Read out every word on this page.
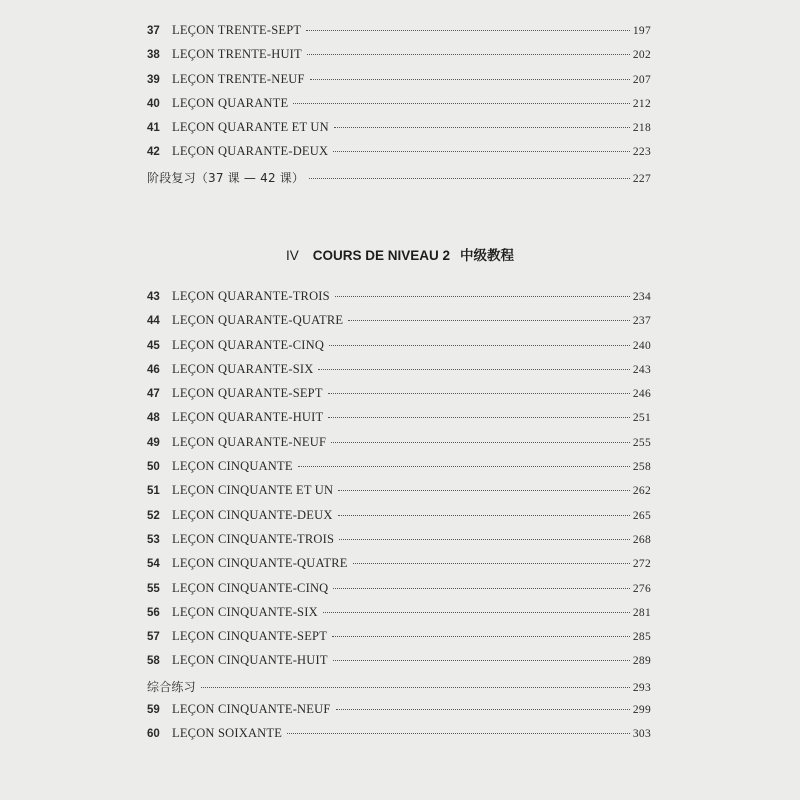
37 LEÇON TRENTE-SEPT	197
38 LEÇON TRENTE-HUIT	202
39 LEÇON TRENTE-NEUF	207
40 LEÇON QUARANTE	212
41 LEÇON QUARANTE ET UN	218
42 LEÇON QUARANTE-DEUX	223
阶段复习（37 课 — 42 课）	227
IV COURS DE NIVEAU 2 中级教程
43 LEÇON QUARANTE-TROIS	234
44 LEÇON QUARANTE-QUATRE	237
45 LEÇON QUARANTE-CINQ	240
46 LEÇON QUARANTE-SIX	243
47 LEÇON QUARANTE-SEPT	246
48 LEÇON QUARANTE-HUIT	251
49 LEÇON QUARANTE-NEUF	255
50 LEÇON CINQUANTE	258
51 LEÇON CINQUANTE ET UN	262
52 LEÇON CINQUANTE-DEUX	265
53 LEÇON CINQUANTE-TROIS	268
54 LEÇON CINQUANTE-QUATRE	272
55 LEÇON CINQUANTE-CINQ	276
56 LEÇON CINQUANTE-SIX	281
57 LEÇON CINQUANTE-SEPT	285
58 LEÇON CINQUANTE-HUIT	289
综合练习	293
59 LEÇON CINQUANTE-NEUF	299
60 LEÇON SOIXANTE	303
